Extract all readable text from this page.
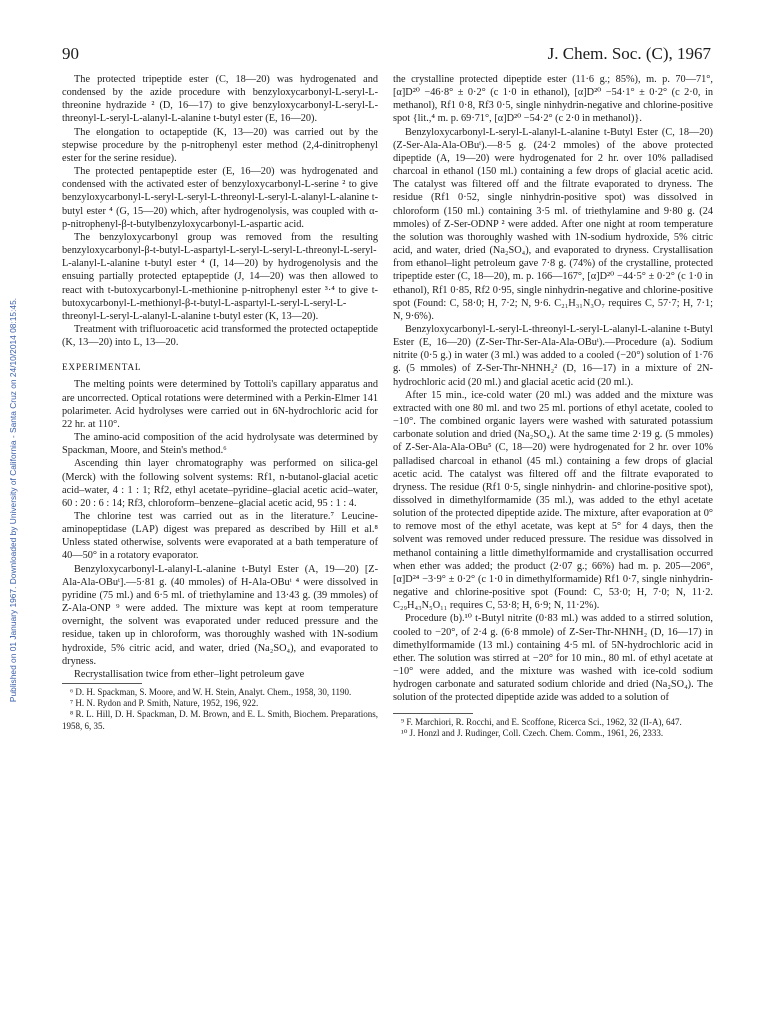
90	J. Chem. Soc. (C), 1967
Published on 01 January 1967. Downloaded by University of California - Santa Cruz on 24/10/2014 08:15:45.

The protected tripeptide ester (C, 18—20) was hydrogenated and condensed by the azide procedure with benzyloxycarbonyl-L-seryl-L-threonine hydrazide ² (D, 16—17) to give benzyloxycarbonyl-L-seryl-L-threonyl-L-seryl-L-alanyl-L-alanine t-butyl ester (E, 16—20).

The elongation to octapeptide (K, 13—20) was carried out by the stepwise procedure by the p-nitrophenyl ester method (2,4-dinitrophenyl ester for the serine residue).

The protected pentapeptide ester (E, 16—20) was hydrogenated and condensed with the activated ester of benzyloxycarbonyl-L-serine ² to give benzyloxycarbonyl-L-seryl-L-seryl-L-threonyl-L-seryl-L-alanyl-L-alanine t-butyl ester ⁴ (G, 15—20) which, after hydrogenolysis, was coupled with α-p-nitrophenyl-β-t-butylbenzyloxycarbonyl-L-aspartic acid.

The benzyloxycarbonyl group was removed from the resulting benzyloxycarbonyl-β-t-butyl-L-aspartyl-L-seryl-L-seryl-L-threonyl-L-seryl-L-alanyl-L-alanine t-butyl ester ⁴ (I, 14—20) by hydrogenolysis and the ensuing partially protected eptapeptide (J, 14—20) was then allowed to react with t-butoxycarbonyl-L-methionine p-nitrophenyl ester ³·⁴ to give t-butoxycarbonyl-L-methionyl-β-t-butyl-L-aspartyl-L-seryl-L-seryl-L-threonyl-L-seryl-L-alanyl-L-alanine t-butyl ester (K, 13—20).

Treatment with trifluoroacetic acid transformed the protected octapeptide (K, 13—20) into L, 13—20.

EXPERIMENTAL

The melting points were determined by Tottoli's capillary apparatus and are uncorrected. Optical rotations were determined with a Perkin-Elmer 141 polarimeter. Acid hydrolyses were carried out in 6N-hydrochloric acid for 22 hr. at 110°.

The amino-acid composition of the acid hydrolysate was determined by Spackman, Moore, and Stein's method.⁶

Ascending thin layer chromatography was performed on silica-gel (Merck) with the following solvent systems: Rf1, n-butanol-glacial acetic acid–water, 4 : 1 : 1; Rf2, ethyl acetate–pyridine–glacial acetic acid–water, 60 : 20 : 6 : 14; Rf3, chloroform–benzene–glacial acetic acid, 95 : 1 : 4.

The chlorine test was carried out as in the literature.⁷ Leucine-aminopeptidase (LAP) digest was prepared as described by Hill et al.⁸ Unless stated otherwise, solvents were evaporated at a bath temperature of 40—50° in a rotatory evaporator.

Benzyloxycarbonyl-L-alanyl-L-alanine t-Butyl Ester (A, 19—20) [Z-Ala-Ala-OBuᵗ].—5·81 g. (40 mmoles) of H-Ala-OBuᵗ ⁴ were dissolved in pyridine (75 ml.) and 6·5 ml. of triethylamine and 13·43 g. (39 mmoles) of Z-Ala-ONP ⁹ were added. The mixture was kept at room temperature overnight, the solvent was evaporated under reduced pressure and the residue, taken up in chloroform, was thoroughly washed with 1N-sodium hydroxide, 5% citric acid, and water, dried (Na₂SO₄), and evaporated to dryness.

Recrystallisation twice from ether–light petroleum gave

⁶ D. H. Spackman, S. Moore, and W. H. Stein, Analyt. Chem., 1958, 30, 1190.

⁷ H. N. Rydon and P. Smith, Nature, 1952, 196, 922.

⁸ R. L. Hill, D. H. Spackman, D. M. Brown, and E. L. Smith, Biochem. Preparations, 1958, 6, 35.

the crystalline protected dipeptide ester (11·6 g.; 85%), m. p. 70—71°, [α]D²⁰ −46·8° ± 0·2° (c 1·0 in ethanol), [α]D²⁰ −54·1° ± 0·2° (c 2·0, in methanol), Rf1 0·8, Rf3 0·5, single ninhydrin-negative and chlorine-positive spot {lit.,⁴ m. p. 69·71°, [α]D²⁰ −54·2° (c 2·0 in methanol)}.

Benzyloxycarbonyl-L-seryl-L-alanyl-L-alanine t-Butyl Ester (C, 18—20) (Z-Ser-Ala-Ala-OBuᵗ).—8·5 g. (24·2 mmoles) of the above protected dipeptide (A, 19—20) were hydrogenated for 2 hr. over 10% palladised charcoal in ethanol (150 ml.) containing a few drops of glacial acetic acid. The catalyst was filtered off and the filtrate evaporated to dryness. The residue (Rf1 0·52, single ninhydrin-positive spot) was dissolved in chloroform (150 ml.) containing 3·5 ml. of triethylamine and 9·80 g. (24 mmoles) of Z-Ser-ODNP ² were added. After one night at room temperature the solution was thoroughly washed with 1N-sodium hydroxide, 5% citric acid, and water, dried (Na₂SO₄), and evaporated to dryness. Crystallisation from ethanol–light petroleum gave 7·8 g. (74%) of the crystalline, protected tripeptide ester (C, 18—20), m. p. 166—167°, [α]D²⁰ −44·5° ± 0·2° (c 1·0 in ethanol), Rf1 0·85, Rf2 0·95, single ninhydrin-negative and chlorine-positive spot (Found: C, 58·0; H, 7·2; N, 9·6. C₂₁H₃₁N₃O₇ requires C, 57·7; H, 7·1; N, 9·6%).

Benzyloxycarbonyl-L-seryl-L-threonyl-L-seryl-L-alanyl-L-alanine t-Butyl Ester (E, 16—20) (Z-Ser-Thr-Ser-Ala-Ala-OBuᵗ).—Procedure (a). Sodium nitrite (0·5 g.) in water (3 ml.) was added to a cooled (−20°) solution of 1·76 g. (5 mmoles) of Z-Ser-Thr-NHNH₂² (D, 16—17) in a mixture of 2N-hydrochloric acid (20 ml.) and glacial acetic acid (20 ml.).

After 15 min., ice-cold water (20 ml.) was added and the mixture was extracted with one 80 ml. and two 25 ml. portions of ethyl acetate, cooled to −10°. The combined organic layers were washed with saturated potassium carbonate solution and dried (Na₂SO₄). At the same time 2·19 g. (5 mmoles) of Z-Ser-Ala-Ala-OBu⁵ (C, 18—20) were hydrogenated for 2 hr. over 10% palladised charcoal in ethanol (45 ml.) containing a few drops of glacial acetic acid. The catalyst was filtered off and the filtrate evaporated to dryness. The residue (Rf1 0·5, single ninhydrin- and chlorine-positive spot), dissolved in dimethylformamide (35 ml.), was added to the ethyl acetate solution of the protected dipeptide azide. The mixture, after evaporation at 0° to remove most of the ethyl acetate, was kept at 5° for 4 days, then the solvent was removed under reduced pressure. The residue was dissolved in methanol containing a little dimethylformamide and crystallisation occurred when ether was added; the product (2·07 g.; 66%) had m. p. 205—206°, [α]D²⁴ −3·9° ± 0·2° (c 1·0 in dimethylformamide) Rf1 0·7, single ninhydrin-negative and chlorine-positive spot (Found: C, 53·0; H, 7·0; N, 11·2. C₂₉H₄₃N₅O₁₁ requires C, 53·8; H, 6·9; N, 11·2%).

Procedure (b).¹⁰ t-Butyl nitrite (0·83 ml.) was added to a stirred solution, cooled to −20°, of 2·4 g. (6·8 mmole) of Z-Ser-Thr-NHNH₂ (D, 16—17) in dimethylformamide (13 ml.) containing 4·5 ml. of 5N-hydrochloric acid in ether. The solution was stirred at −20° for 10 min., 80 ml. of ethyl acetate at −10° were added, and the mixture was washed with ice-cold sodium hydrogen carbonate and saturated sodium chloride and dried (Na₂SO₄). The solution of the protected dipeptide azide was added to a solution of

⁹ F. Marchiori, R. Rocchi, and E. Scoffone, Ricerca Sci., 1962, 32 (II-A), 647.

¹⁰ J. Honzl and J. Rudinger, Coll. Czech. Chem. Comm., 1961, 26, 2333.
